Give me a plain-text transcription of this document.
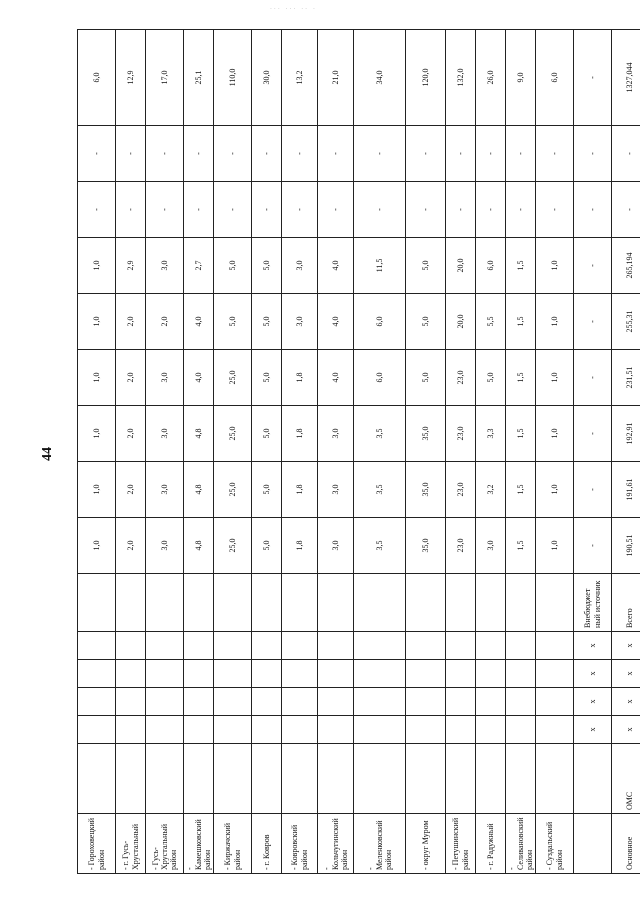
··· ··· ·· ·
44
- Гороховецкий район							1,0	1,0	1,0	1,0	1,0	1,0	-	-	6,0
- г. Гусь-Хрустальный							2,0	2,0	2,0	2,0	2,0	2,9	-	-	12,9
- Гусь-Хрустальный район							3,0	3,0	3,0	3,0	2,0	3,0	-	-	17,0
- Камешковский район							4,8	4,8	4,8	4,0	4,0	2,7	-	-	25,1
- Киржачский район							25,0	25,0	25,0	25,0	5,0	5,0	-	-	110,0
- г. Ковров							5,0	5,0	5,0	5,0	5,0	5,0	-	-	30,0
- Ковровский район							1,8	1,8	1,8	1,8	3,0	3,0	-	-	13,2
- Кольчугинский район							3,0	3,0	3,0	4,0	4,0	4,0	-	-	21,0
- Меленковский район							3,5	3,5	3,5	6,0	6,0	11,5	-	-	34,0
- округ Муром							35,0	35,0	35,0	5,0	5,0	5,0	-	-	120,0
- Петушинский район							23,0	23,0	23,0	23,0	20,0	20,0	-	-	132,0
- г. Радужный							3,0	3,2	3,3	5,0	5,5	6,0	-	-	26,0
- Селивановский район							1,5	1,5	1,5	1,5	1,5	1,5	-	-	9,0
- Суздальский район							1,0	1,0	1,0	1,0	1,0	1,0	-	-	6,0
		х	х	х	х	Внебюджет ный источник	-	-	-	-	-	-	-	-	-
Основное	ОМС	х	х	х	х	Всего	190,51	191,61	192,91	231,51	255,31	265,194	-	-	1327,044
